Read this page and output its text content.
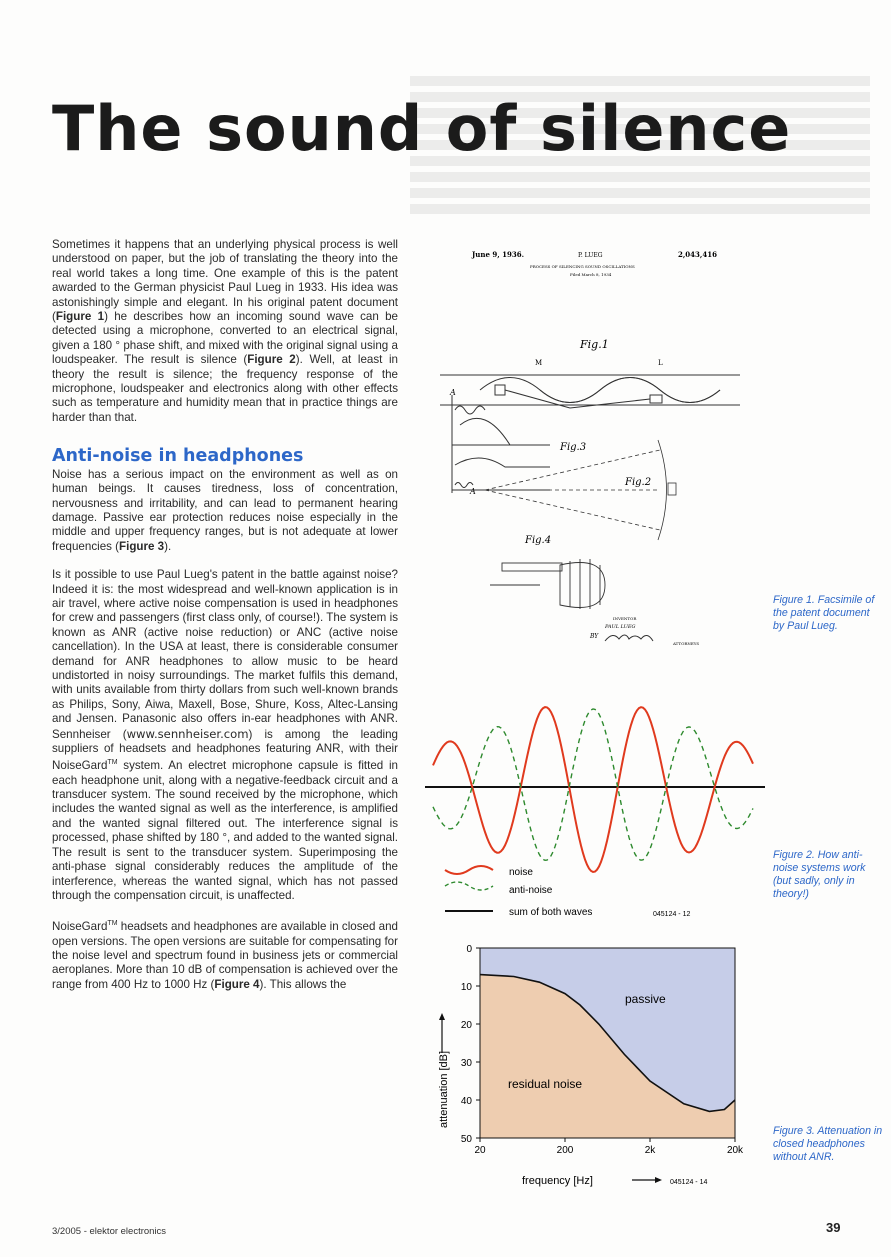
The sound of silence

Sometimes it happens that an underlying physical process is well understood on paper, but the job of translating the theory into the real world takes a long time. One example of this is the patent awarded to the German physicist Paul Lueg in 1933. His idea was astonishingly simple and elegant. In his original patent document (Figure 1) he describes how an incoming sound wave can be detected using a microphone, converted to an electrical signal, given a 180 ° phase shift, and mixed with the original signal using a loudspeaker. The result is silence (Figure 2). Well, at least in theory the result is silence; the frequency response of the microphone, loudspeaker and electronics along with other effects such as temperature and humidity mean that in practice things are harder than that.

Anti-noise in headphones

Noise has a serious impact on the environment as well as on human beings. It causes tiredness, loss of concentration, nervousness and irritability, and can lead to permanent hearing damage. Passive ear protection reduces noise especially in the middle and upper frequency ranges, but is not adequate at lower frequencies (Figure 3).

Is it possible to use Paul Lueg's patent in the battle against noise? Indeed it is: the most widespread and well-known application is in air travel, where active noise compensation is used in headphones for crew and passengers (first class only, of course!). The system is known as ANR (active noise reduction) or ANC (active noise cancellation). In the USA at least, there is considerable consumer demand for ANR headphones to allow music to be heard undistorted in noisy surroundings. The market fulfils this demand, with units available from thirty dollars from such well-known brands as Philips, Sony, Aiwa, Maxell, Bose, Shure, Koss, Altec-Lansing and Jensen. Panasonic also offers in-ear headphones with ANR. Sennheiser (www.sennheiser.com) is among the leading suppliers of headsets and headphones featuring ANR, with their NoiseGard™ system. An electret microphone capsule is fitted in each headphone unit, along with a negative-feedback circuit and a transducer system. The sound received by the microphone, which includes the wanted signal as well as the interference, is amplified and the wanted signal filtered out. The interference signal is processed, phase shifted by 180 °, and added to the wanted signal. The result is sent to the transducer system. Superimposing the anti-phase signal considerably reduces the amplitude of the interference, whereas the wanted signal, which has not passed through the compensation circuit, is unaffected.

NoiseGard™ headsets and headphones are available in closed and open versions. The open versions are suitable for compensating for the noise level and spectrum found in business jets or commercial aeroplanes. More than 10 dB of compensation is achieved over the range from 400 Hz to 1000 Hz (Figure 4). This allows the

June 9, 1936.	P. LUEG	2,043,416
PROCESS OF SILENCING SOUND OSCILLATIONS
Filed March 8, 1934
Fig.1
A
M	L
Fig.3
Fig.2
A
Fig.4
INVENTOR
PAUL LUEG
BY
ATTORNEYS
Figure 1. Facsimile of the patent document by Paul Lueg.
noise
anti-noise
sum of both waves	045124 - 12
Figure 2. How anti-noise systems work (but sadly, only in theory!)
0
10
20
30
40
50
20	200	2k	20k
passive
residual noise
frequency [Hz]	045124 - 14
attenuation [dB]
Figure 3. Attenuation in closed headphones without ANR.
3/2005 - elektor electronics	39
